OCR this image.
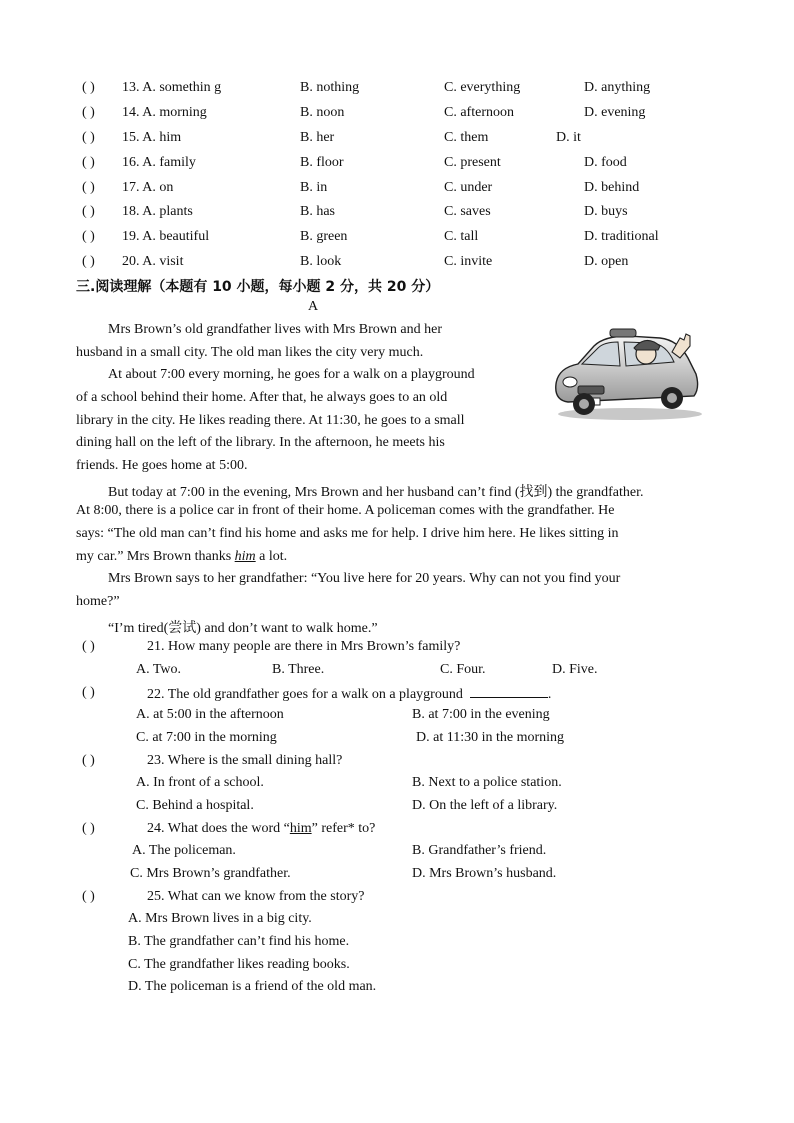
( ) 13. A. somethin g	B. nothing	C. everything	D. anything
( ) 14. A. morning	B. noon	C. afternoon	D. evening
( ) 15. A. him	B. her	C. them	D. it
( ) 16. A. family	B. floor	C. present	D. food
( ) 17. A. on	B. in	C. under	D. behind
( ) 18. A. plants	B. has	C. saves	D. buys
( ) 19. A. beautiful	B. green	C. tall	D. traditional
( ) 20. A. visit	B. look	C. invite	D. open
三.阅读理解（本题有 10 小题，每小题 2 分，共 20 分）
A
Mrs Brown’s old grandfather lives with Mrs Brown and her
husband in a small city. The old man likes the city very much.
At about 7:00 every morning, he goes for a walk on a playground
of a school behind their home. After that, he always goes to an old
library in the city. He likes reading there. At 11:30, he goes to a small
dining hall on the left of the library. In the afternoon, he meets his
friends. He goes home at 5:00.
But today at 7:00 in the evening, Mrs Brown and her husband can’t find (找到) the grandfather.
At 8:00, there is a police car in front of their home. A policeman comes with the grandfather. He
says: “The old man can’t find his home and asks me for help. I drive him here. He likes sitting in
my car.” Mrs Brown thanks him a lot.
Mrs Brown says to her grandfather: “You live here for 20 years. Why can not you find your
home?”
“I’m tired(尝试) and don’t want to walk home.”
( )	21. How many people are there in Mrs Brown’s family?
A. Two.	B. Three.	C. Four.	D. Five.
( )	22. The old grandfather goes for a walk on a playground	.
A. at 5:00 in the afternoon	B. at 7:00 in the evening
C. at 7:00 in the morning	D. at 11:30 in the morning
( )	23. Where is the small dining hall?
A. In front of a school.	B. Next to a police station.
C. Behind a hospital.	D. On the left of a library.
( )	24. What does the word “him” refer* to?
A. The policeman.	B. Grandfather’s friend.
C. Mrs Brown’s grandfather.	D. Mrs Brown’s husband.
( )	25. What can we know from the story?
A. Mrs Brown lives in a big city.
B. The grandfather can’t find his home.
C. The grandfather likes reading books.
D. The policeman is a friend of the old man.
